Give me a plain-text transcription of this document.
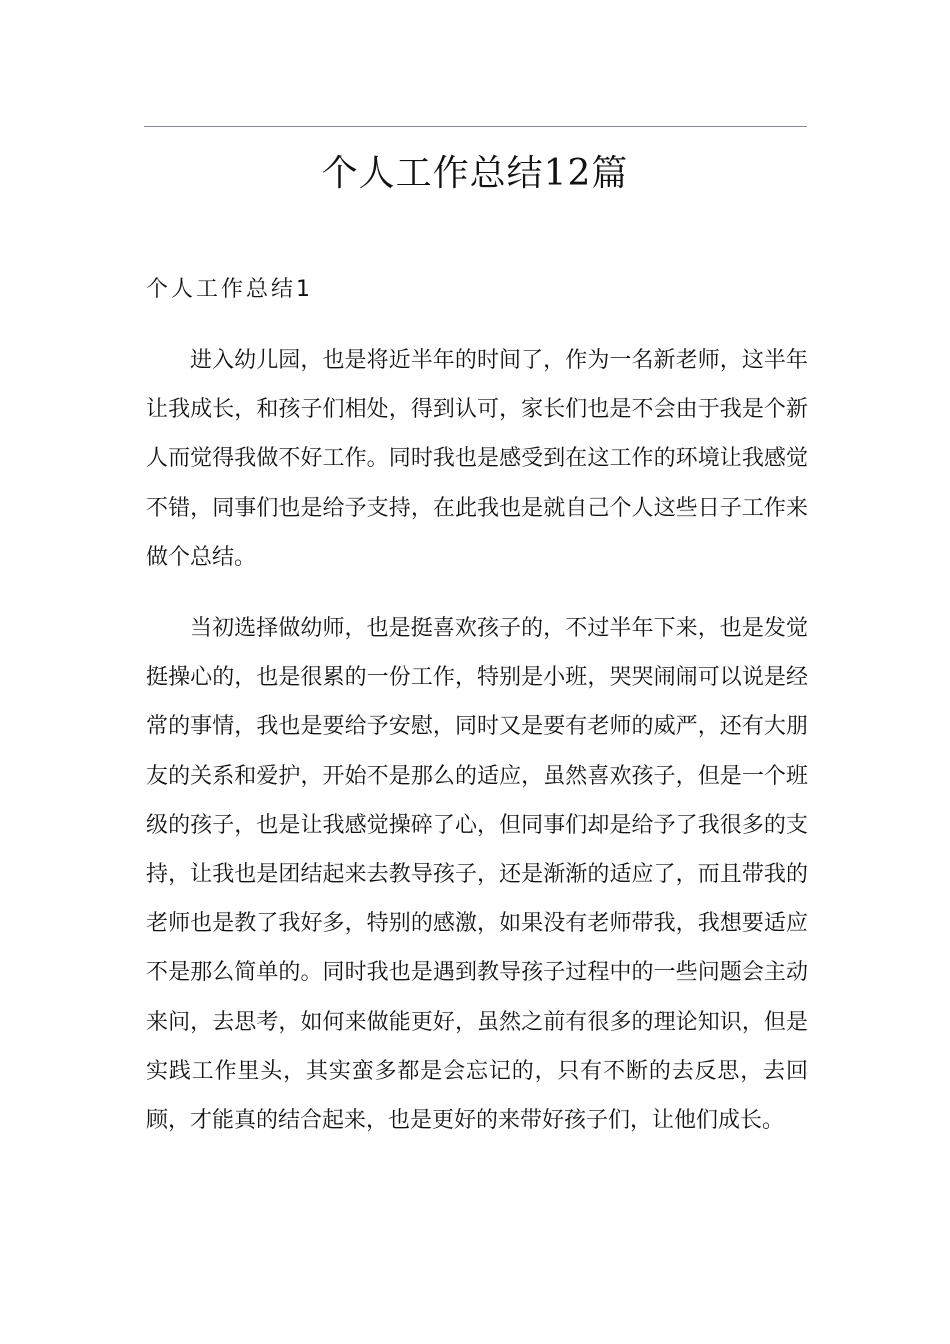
个人工作总结12篇
个人工作总结1

进入幼儿园，也是将近半年的时间了，作为一名新老师，这半年让我成长，和孩子们相处，得到认可，家长们也是不会由于我是个新人而觉得我做不好工作。同时我也是感受到在这工作的环境让我感觉不错，同事们也是给予支持，在此我也是就自己个人这些日子工作来做个总结。

当初选择做幼师，也是挺喜欢孩子的，不过半年下来，也是发觉挺操心的，也是很累的一份工作，特别是小班，哭哭闹闹可以说是经常的事情，我也是要给予安慰，同时又是要有老师的威严，还有大朋友的关系和爱护，开始不是那么的适应，虽然喜欢孩子，但是一个班级的孩子，也是让我感觉操碎了心，但同事们却是给予了我很多的支持，让我也是团结起来去教导孩子，还是渐渐的适应了，而且带我的老师也是教了我好多，特别的感激，如果没有老师带我，我想要适应不是那么简单的。同时我也是遇到教导孩子过程中的一些问题会主动来问，去思考，如何来做能更好，虽然之前有很多的理论知识，但是实践工作里头，其实蛮多都是会忘记的，只有不断的去反思，去回顾，才能真的结合起来，也是更好的来带好孩子们，让他们成长。
